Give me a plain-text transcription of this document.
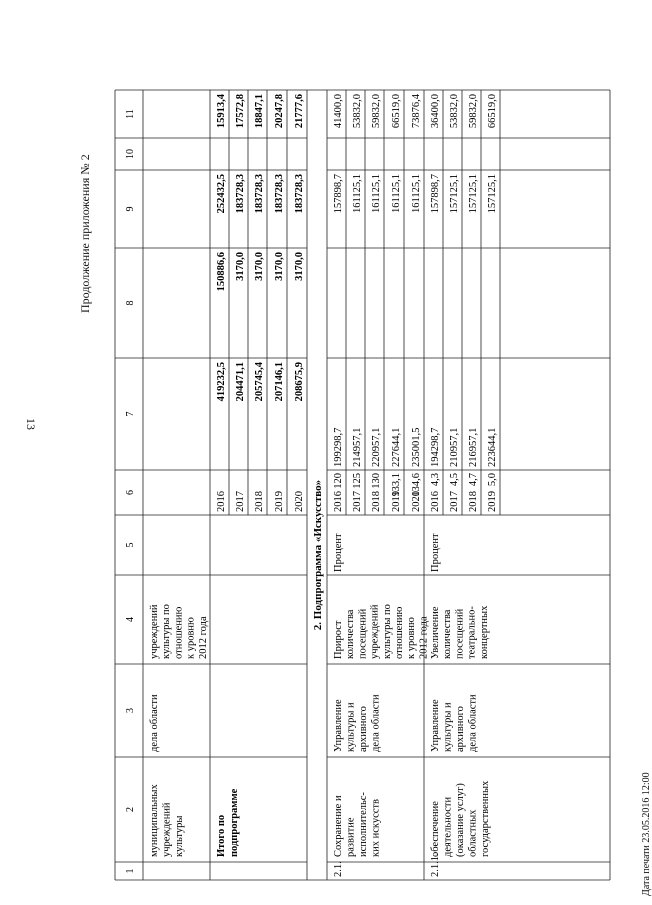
13
Продолжение приложения № 2
Дата печати 23.05.2016 12:00
1
2
3
4
5
6
7
8
9
10
11
муниципальных учреждений культуры
дела области
учреждений культуры по отношению к уровню 2012 года
Итого по подпрограмме
2016
419232,5
150886,6
252432,5
15913,4
2017
204471,1
3170,0
183728,3
17572,8
2018
205745,4
3170,0
183728,3
18847,1
2019
207146,1
3170,0
183728,3
20247,8
2020
208675,9
3170,0
183728,3
21777,6
2. Подпрограмма «Искусство»
2.1.
Сохранение и развитие исполнительс- ких искусств
Управление культуры и архивного дела области
Прирост количества посещений учреждений культуры по отношению к уровню 2012 года
Процент
2016
120
199298,7
157898,7
41400,0
2017
125
214957,1
161125,1
53832,0
2018
130
220957,1
161125,1
59832,0
2019
133,1
227644,1
161125,1
66519,0
2020
134,6
235001,5
161125,1
73876,4
2.1.1.
обеспечение деятельности (оказание услуг) областных государственных
Управление культуры и архивного дела области
Увеличение количества посещений театрально- концертных
Процент
2016
4,3
194298,7
157898,7
36400,0
2017
4,5
210957,1
157125,1
53832,0
2018
4,7
216957,1
157125,1
59832,0
2019
5,0
223644,1
157125,1
66519,0
